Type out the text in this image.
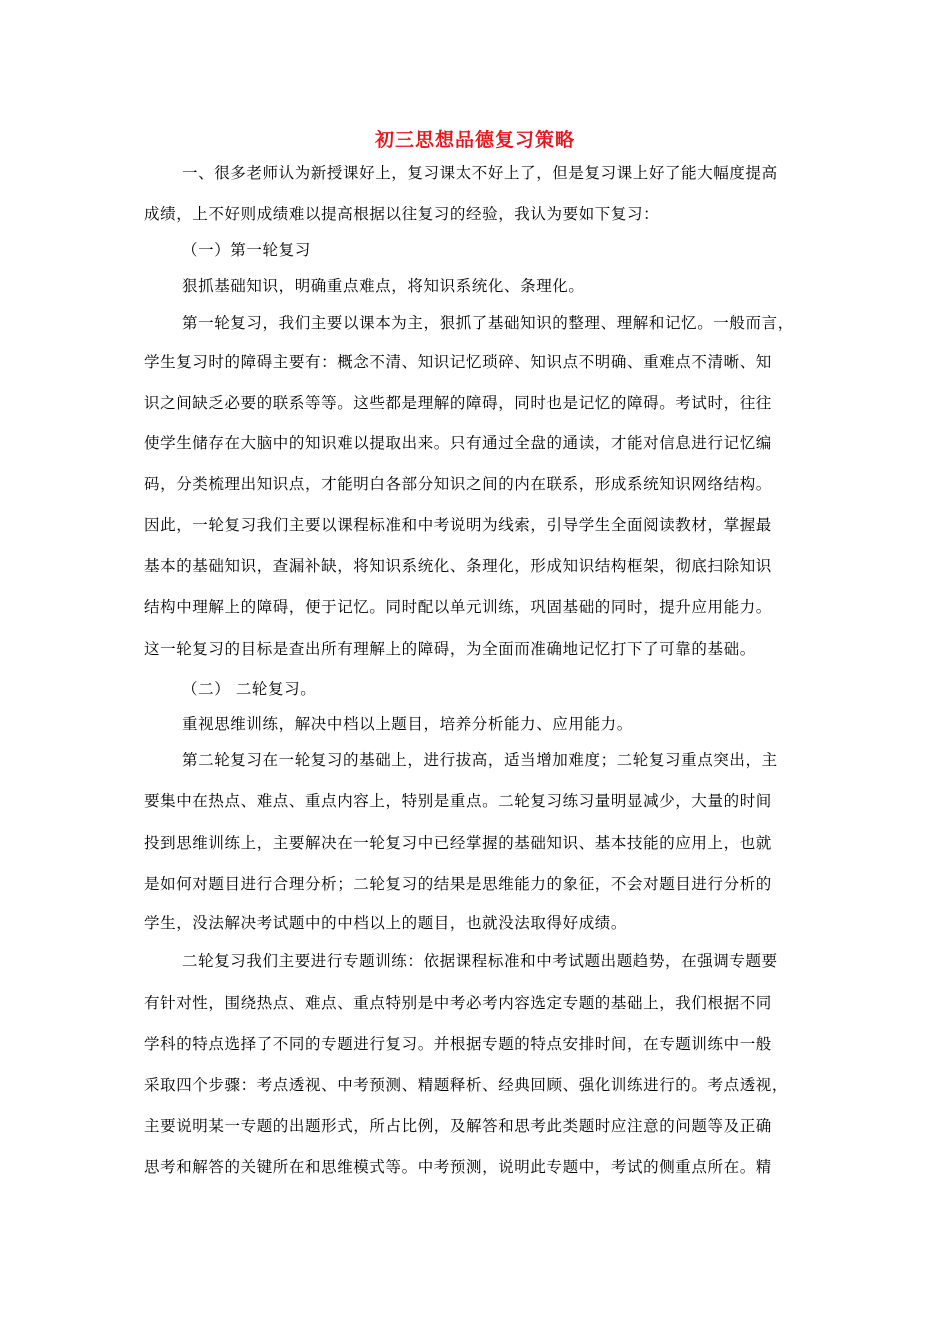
初三思想品德复习策略
一、很多老师认为新授课好上，复习课太不好上了，但是复习课上好了能大幅度提高
成绩，上不好则成绩难以提高根据以往复习的经验，我认为要如下复习：
（一）第一轮复习
狠抓基础知识，明确重点难点，将知识系统化、条理化。
第一轮复习，我们主要以课本为主，狠抓了基础知识的整理、理解和记忆。一般而言，
学生复习时的障碍主要有：概念不清、知识记忆琐碎、知识点不明确、重难点不清晰、知
识之间缺乏必要的联系等等。这些都是理解的障碍，同时也是记忆的障碍。考试时，往往
使学生储存在大脑中的知识难以提取出来。只有通过全盘的通读，才能对信息进行记忆编
码，分类梳理出知识点，才能明白各部分知识之间的内在联系，形成系统知识网络结构。
因此，一轮复习我们主要以课程标准和中考说明为线索，引导学生全面阅读教材，掌握最
基本的基础知识，查漏补缺，将知识系统化、条理化，形成知识结构框架，彻底扫除知识
结构中理解上的障碍，便于记忆。同时配以单元训练，巩固基础的同时，提升应用能力。
这一轮复习的目标是查出所有理解上的障碍，为全面而准确地记忆打下了可靠的基础。
（二） 二轮复习。
重视思维训练，解决中档以上题目，培养分析能力、应用能力。
第二轮复习在一轮复习的基础上，进行拔高，适当增加难度；二轮复习重点突出，主
要集中在热点、难点、重点内容上，特别是重点。二轮复习练习量明显减少，大量的时间
投到思维训练上，主要解决在一轮复习中已经掌握的基础知识、基本技能的应用上，也就
是如何对题目进行合理分析；二轮复习的结果是思维能力的象征，不会对题目进行分析的
学生，没法解决考试题中的中档以上的题目，也就没法取得好成绩。
二轮复习我们主要进行专题训练：依据课程标准和中考试题出题趋势，在强调专题要
有针对性，围绕热点、难点、重点特别是中考必考内容选定专题的基础上，我们根据不同
学科的特点选择了不同的专题进行复习。并根据专题的特点安排时间，在专题训练中一般
采取四个步骤：考点透视、中考预测、精题释析、经典回顾、强化训练进行的。考点透视，
主要说明某一专题的出题形式，所占比例，及解答和思考此类题时应注意的问题等及正确
思考和解答的关键所在和思维模式等。中考预测，说明此专题中，考试的侧重点所在。精
